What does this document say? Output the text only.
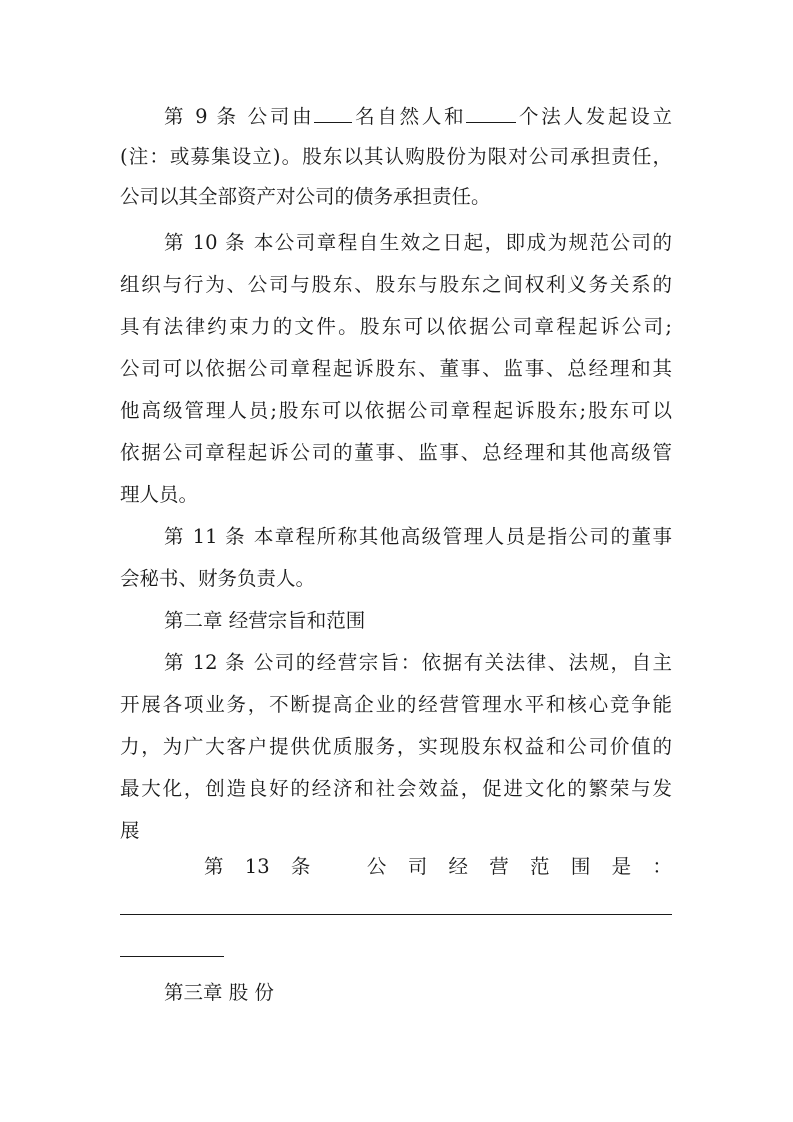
第 9 条 公司由 名自然人和	个法人发起设立
(注：或募集设立)。股东以其认购股份为限对公司承担责任，
公司以其全部资产对公司的债务承担责任。
第 10 条 本公司章程自生效之日起，即成为规范公司的
组织与行为、公司与股东、股东与股东之间权利义务关系的
具有法律约束力的文件。股东可以依据公司章程起诉公司;
公司可以依据公司章程起诉股东、董事、监事、总经理和其
他高级管理人员;股东可以依据公司章程起诉股东;股东可以
依据公司章程起诉公司的董事、监事、总经理和其他高级管
理人员。
第 11 条 本章程所称其他高级管理人员是指公司的董事
会秘书、财务负责人。
第二章 经营宗旨和范围
第 12 条 公司的经营宗旨：依据有关法律、法规，自主
开展各项业务，不断提高企业的经营管理水平和核心竞争能
力，为广大客户提供优质服务，实现股东权益和公司价值的
最大化，创造良好的经济和社会效益，促进文化的繁荣与发
展
第 13 条	公 司 经 营 范 围 是 ：
第三章 股 份
